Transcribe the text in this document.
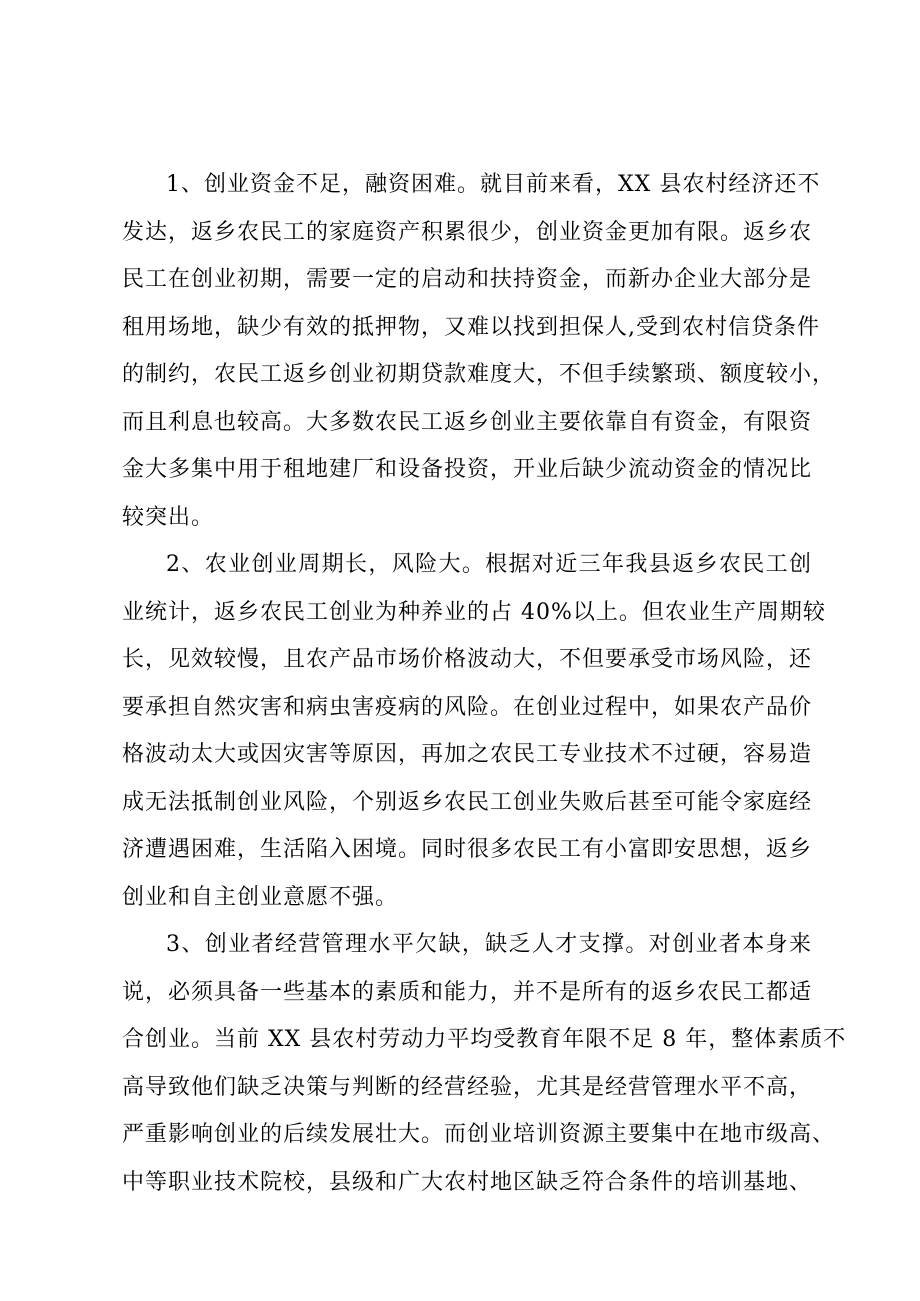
1、创业资金不足，融资困难。就目前来看，XX 县农村经济还不
发达，返乡农民工的家庭资产积累很少，创业资金更加有限。返乡农
民工在创业初期，需要一定的启动和扶持资金，而新办企业大部分是
租用场地，缺少有效的抵押物，又难以找到担保人,受到农村信贷条件
的制约，农民工返乡创业初期贷款难度大，不但手续繁琐、额度较小，
而且利息也较高。大多数农民工返乡创业主要依靠自有资金，有限资
金大多集中用于租地建厂和设备投资，开业后缺少流动资金的情况比
较突出。
2、农业创业周期长，风险大。根据对近三年我县返乡农民工创
业统计，返乡农民工创业为种养业的占 40%以上。但农业生产周期较
长，见效较慢，且农产品市场价格波动大，不但要承受市场风险，还
要承担自然灾害和病虫害疫病的风险。在创业过程中，如果农产品价
格波动太大或因灾害等原因，再加之农民工专业技术不过硬，容易造
成无法抵制创业风险，个别返乡农民工创业失败后甚至可能令家庭经
济遭遇困难，生活陷入困境。同时很多农民工有小富即安思想，返乡
创业和自主创业意愿不强。
3、创业者经营管理水平欠缺，缺乏人才支撑。对创业者本身来
说，必须具备一些基本的素质和能力，并不是所有的返乡农民工都适
合创业。当前 XX 县农村劳动力平均受教育年限不足 8 年，整体素质不
高导致他们缺乏决策与判断的经营经验，尤其是经营管理水平不高，
严重影响创业的后续发展壮大。而创业培训资源主要集中在地市级高、
中等职业技术院校，县级和广大农村地区缺乏符合条件的培训基地、
